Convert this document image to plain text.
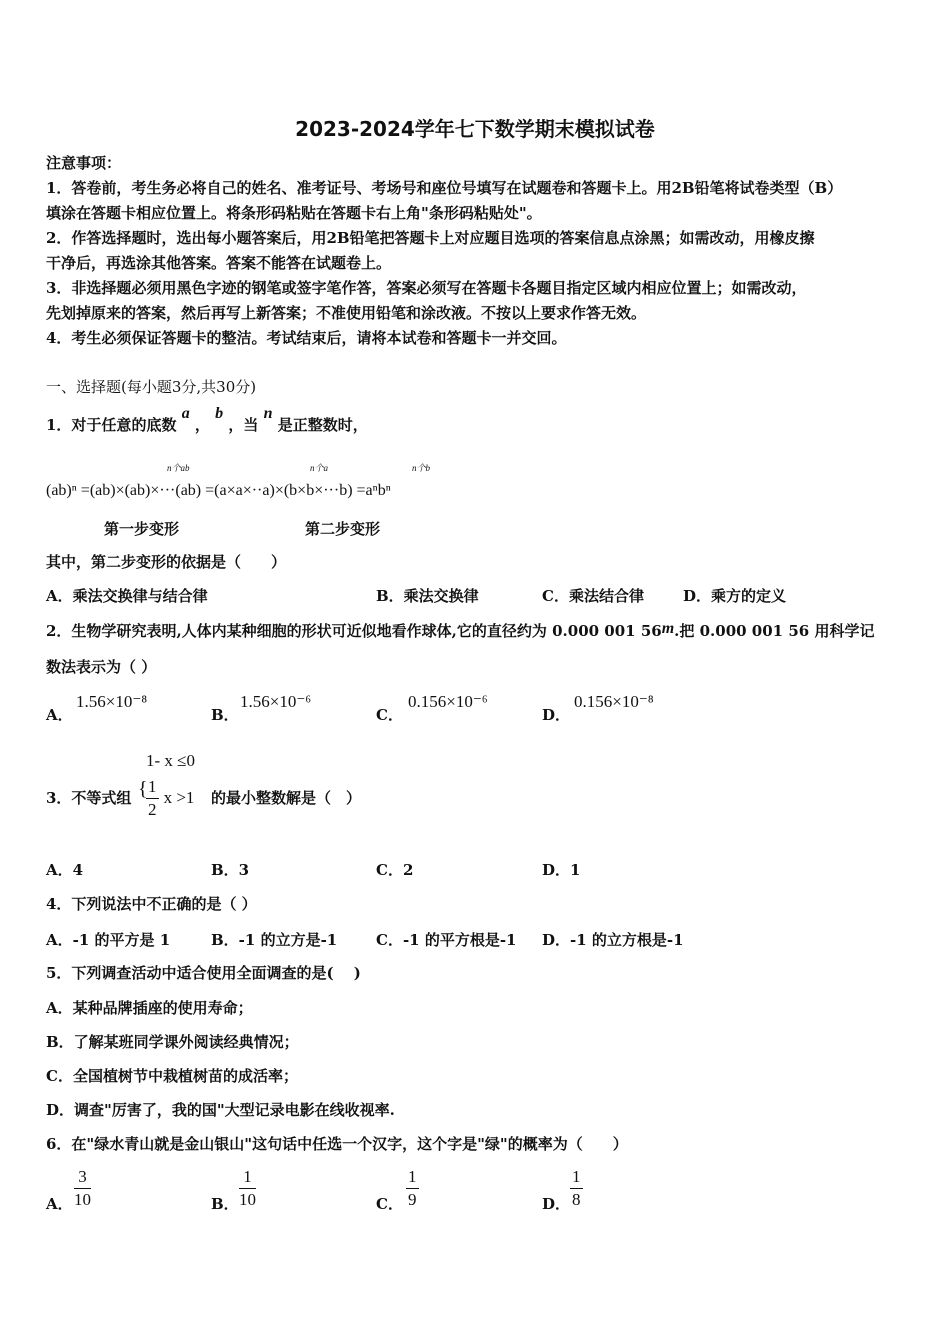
2023-2024学年七下数学期末模拟试卷
注意事项：
1．答卷前，考生务必将自己的姓名、准考证号、考场号和座位号填写在试题卷和答题卡上。用2B铅笔将试卷类型（B）
填涂在答题卡相应位置上。将条形码粘贴在答题卡右上角"条形码粘贴处"。
2．作答选择题时，选出每小题答案后，用2B铅笔把答题卡上对应题目选项的答案信息点涂黑；如需改动，用橡皮擦
干净后，再选涂其他答案。答案不能答在试题卷上。
3．非选择题必须用黑色字迹的钢笔或签字笔作答，答案必须写在答题卡各题目指定区域内相应位置上；如需改动，
先划掉原来的答案，然后再写上新答案；不准使用铅笔和涂改液。不按以上要求作答无效。
4．考生必须保证答题卡的整洁。考试结束后，请将本试卷和答题卡一并交回。
一、选择题(每小题3分,共30分)
1．对于任意的底数 a ， b ，当 n 是正整数时，
n个ab	n个a	n个b
(ab)ⁿ =(ab)×(ab)×···(ab) =(a×a×··a)×(b×b×···b) =aⁿbⁿ
第一步变形	第二步变形
其中，第二步变形的依据是（　　）
A．乘法交换律与结合律	B．乘法交换律	C．乘法结合律	D．乘方的定义
2．生物学研究表明,人体内某种细胞的形状可近似地看作球体,它的直径约为 0.000 001 56m.把 0.000 001 56 用科学记
数法表示为（ ）
A．
1.56×10⁻⁸
B．
1.56×10⁻⁶
C．
0.156×10⁻⁶
D．
0.156×10⁻⁸
1- x ≤0
3．不等式组 {
$\frac{1}{2}$ x >1 的最小整数解是（　）
A．4	B．3	C．2	D．1
4．下列说法中不正确的是（ ）
A．-1 的平方是 1	B．-1 的立方是-1	C．-1 的平方根是-1 D．-1 的立方根是-1
5．下列调查活动中适合使用全面调查的是(　 )
A．某种品牌插座的使用寿命；
B．了解某班同学课外阅读经典情况；
C．全国植树节中栽植树苗的成活率；
D．调查"厉害了，我的国"大型记录电影在线收视率.
6．在"绿水青山就是金山银山"这句话中任选一个汉字，这个字是"绿"的概率为（　　）
A． $\frac{3}{10}$	B． $\frac{1}{10}$	C． $\frac{1}{9}$	D． $\frac{1}{8}$
